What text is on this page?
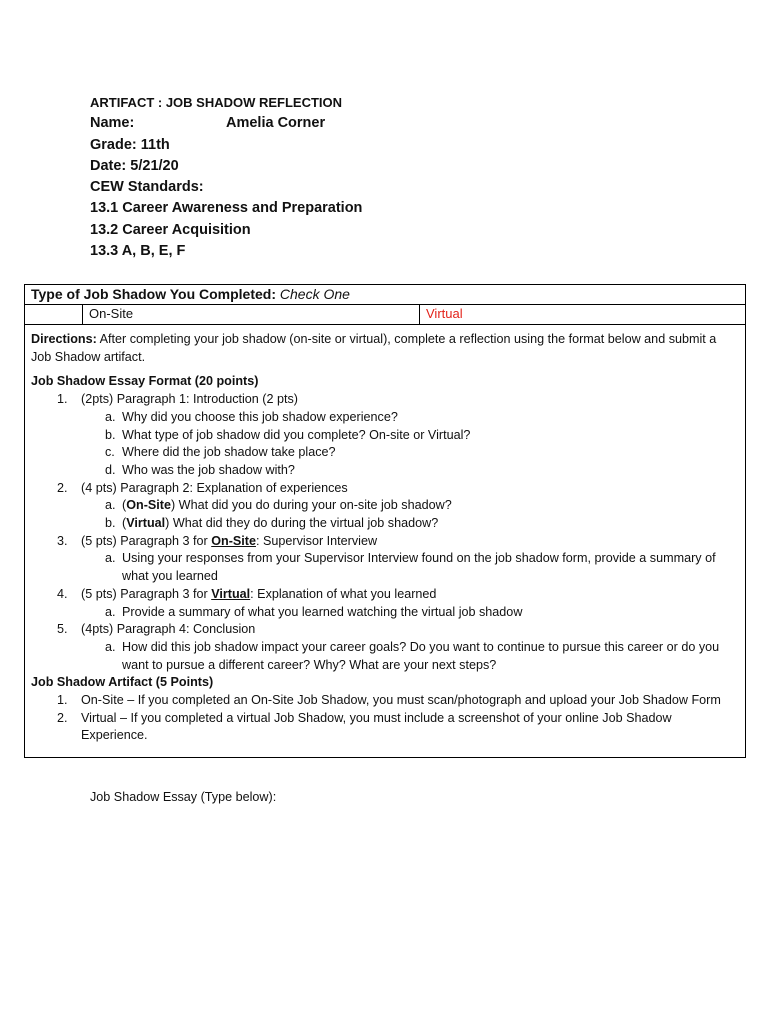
ARTIFACT : JOB SHADOW REFLECTION
Name:	Amelia Corner
Grade: 11th
Date: 5/21/20
CEW Standards:
13.1 Career Awareness and Preparation
13.2 Career Acquisition
13.3 A, B, E, F
Type of Job Shadow You Completed: Check One
On-Site	Virtual

Directions: After completing your job shadow (on-site or virtual), complete a reflection using the format below and submit a Job Shadow artifact.

Job Shadow Essay Format (20 points)

1. (2pts) Paragraph 1: Introduction (2 pts)
a. Why did you choose this job shadow experience?
b. What type of job shadow did you complete? On-site or Virtual?
c. Where did the job shadow take place?
d. Who was the job shadow with?
2. (4 pts) Paragraph 2: Explanation of experiences
a. (On-Site) What did you do during your on-site job shadow?
b. (Virtual) What did they do during the virtual job shadow?
3. (5 pts) Paragraph 3 for On-Site: Supervisor Interview
a. Using your responses from your Supervisor Interview found on the job shadow form, provide a summary of what you learned
4. (5 pts) Paragraph 3 for Virtual: Explanation of what you learned
a. Provide a summary of what you learned watching the virtual job shadow
5. (4pts) Paragraph 4: Conclusion
a. How did this job shadow impact your career goals? Do you want to continue to pursue this career or do you want to pursue a different career? Why? What are your next steps?

Job Shadow Artifact (5 Points)

1. On-Site – If you completed an On-Site Job Shadow, you must scan/photograph and upload your Job Shadow Form
2. Virtual – If you completed a virtual Job Shadow, you must include a screenshot of your online Job Shadow Experience.
Job Shadow Essay (Type below):
